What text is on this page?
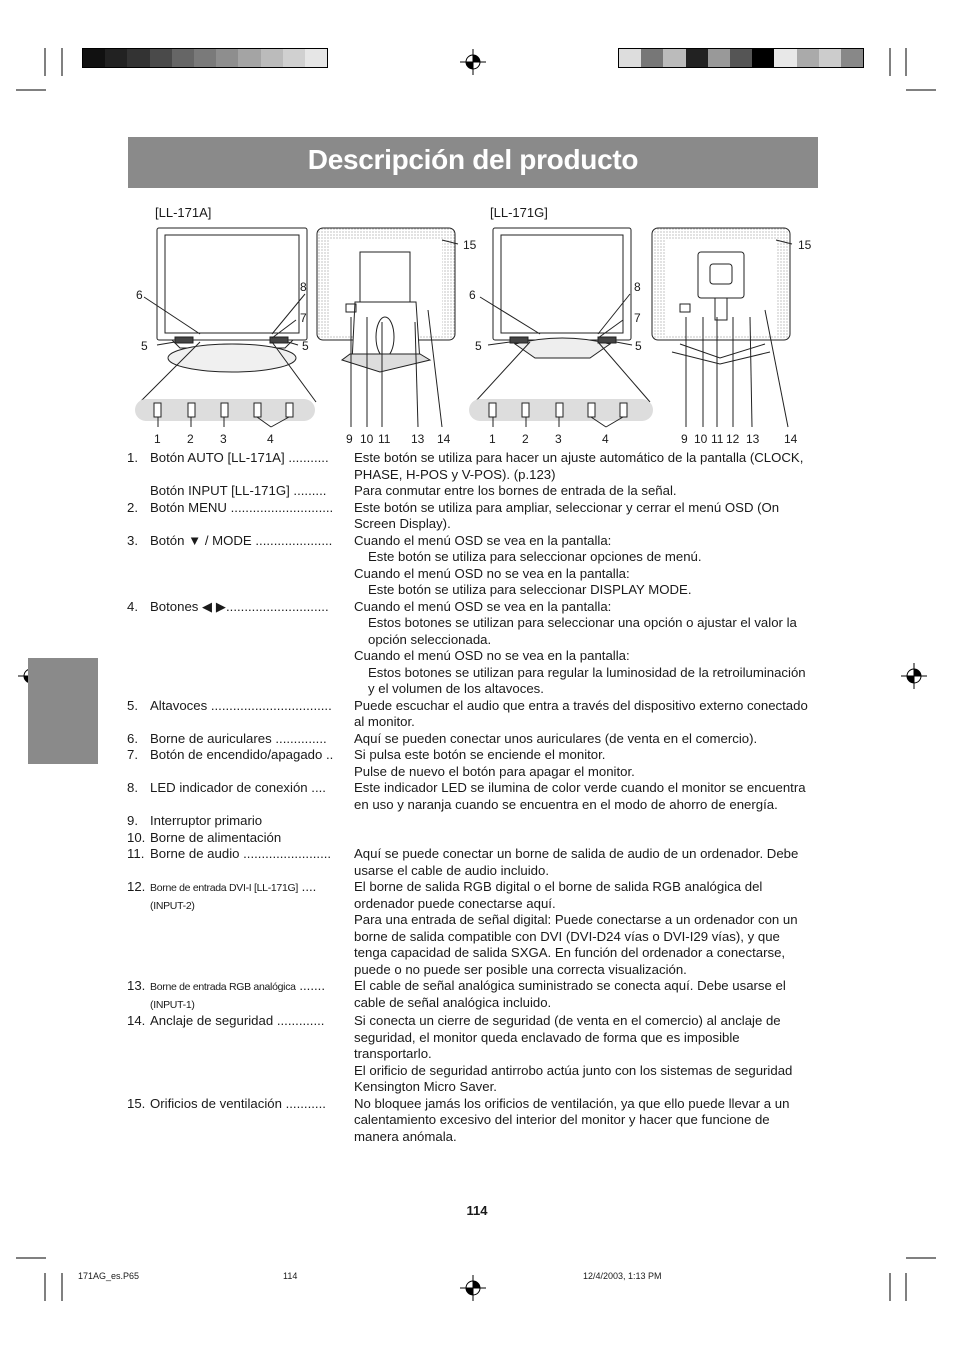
Descripción del producto
[LL-171A]	[LL-171G]
6
8
7
5	5
15
6
8
7
5	5
15
1 2 3	4	9 10 11 13 14	1 2 3	4	9 10 11 12 13 14
1. Botón AUTO [LL-171A] ...........	Este botón se utiliza para hacer un ajuste automático de la pantalla (CLOCK, PHASE, H-POS y V-POS). (p.123)

Botón INPUT [LL-171G] .........	Para conmutar entre los bornes de entrada de la señal.

2. Botón MENU ............................	Este botón se utiliza para ampliar, seleccionar y cerrar el menú OSD (On Screen Display).

3. Botón ▼ / MODE .....................	Cuando el menú OSD se vea en la pantalla:

Este botón se utiliza para seleccionar opciones de menú.

Cuando el menú OSD no se vea en la pantalla:

Este botón se utiliza para seleccionar DISPLAY MODE.

4. Botones ◀ ▶............................	Cuando el menú OSD se vea en la pantalla:

Estos botones se utilizan para seleccionar una opción o ajustar el valor la opción seleccionada.

Cuando el menú OSD no se vea en la pantalla:

Estos botones se utilizan para regular la luminosidad de la retroiluminación y el volumen de los altavoces.

5. Altavoces .................................	Puede escuchar el audio que entra a través del dispositivo externo conectado al monitor.

6. Borne de auriculares ..............	Aquí se pueden conectar unos auriculares (de venta en el comercio).

7. Botón de encendido/apagado ..	Si pulsa este botón se enciende el monitor.

Pulse de nuevo el botón para apagar el monitor.

8. LED indicador de conexión ....	Este indicador LED se ilumina de color verde cuando el monitor se encuentra en uso y naranja cuando se encuentra en el modo de ahorro de energía.

9. Interruptor primario
10. Borne de alimentación
11. Borne de audio ........................	Aquí se puede conectar un borne de salida de audio de un ordenador. Debe usarse el cable de audio incluido.

12. Borne de entrada DVI-I [LL-171G] ....
(INPUT-2)

El borne de salida RGB digital o el borne de salida RGB analógica del ordenador puede conectarse aquí.

Para una entrada de señal digital: Puede conectarse a un ordenador con un borne de salida compatible con DVI (DVI-D24 vías o DVI-I29 vías), y que tenga capacidad de salida SXGA. En función del ordenador a conectarse, puede o no puede ser posible una correcta visualización.

13. Borne de entrada RGB analógica .......
(INPUT-1)

El cable de señal analógica suministrado se conecta aquí. Debe usarse el cable de señal analógica incluido.

14. Anclaje de seguridad .............	Si conecta un cierre de seguridad (de venta en el comercio) al anclaje de seguridad, el monitor queda enclavado de forma que es imposible transportarlo.

El orificio de seguridad antirrobo actúa junto con los sistemas de seguridad Kensington Micro Saver.

15. Orificios de ventilación ...........	No bloquee jamás los orificios de ventilación, ya que ello puede llevar a un calentamiento excesivo del interior del monitor y hacer que funcione de manera anómala.

114
171AG_es.P65	114	12/4/2003, 1:13 PM
